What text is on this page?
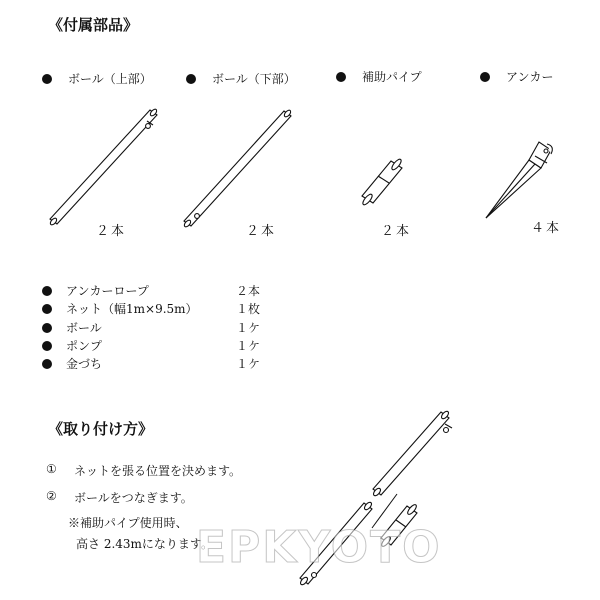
《付属部品》
ボール（上部）	ボール（下部）	補助パイプ	アンカー
２本	２本	２本	４本
アンカーロープ	２本
ネット（幅1m×9.5m）	１枚
ボール	１ケ
ポンプ	１ケ
金づち	１ケ
《取り付け方》
①	ネットを張る位置を決めます。
②	ボールをつなぎます。
※補助パイプ使用時、
高さ 2.43mになります。
EPKYOTO
